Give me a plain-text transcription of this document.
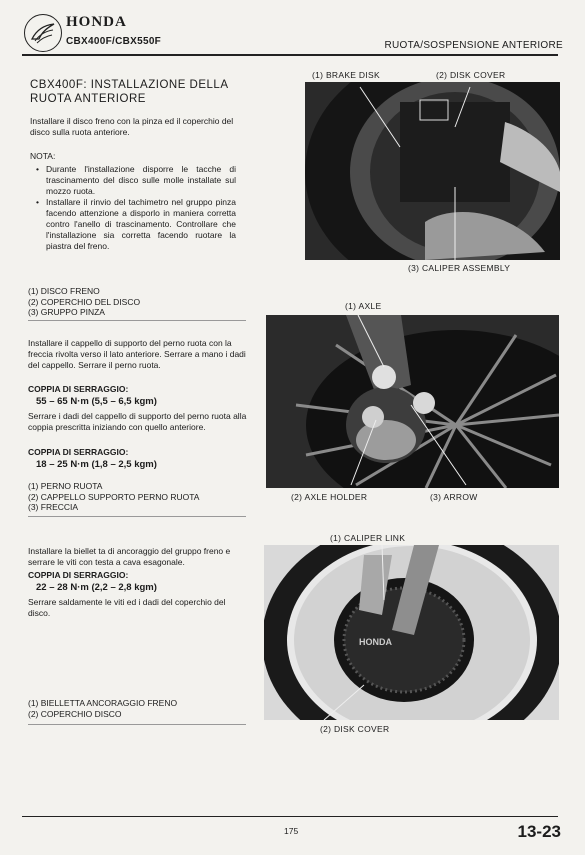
HONDA
CBX400F/CBX550F	RUOTA/SOSPENSIONE ANTERIORE
CBX400F: INSTALLAZIONE DELLA RUOTA ANTERIORE
Installare il disco freno con la pinza ed il coperchio del disco sulla ruota anteriore.
NOTA:
• Durante l'installazione disporre le tacche di trascinamento del disco sulle molle installate sul mozzo ruota.
• Installare il rinvio del tachimetro nel gruppo pinza facendo attenzione a disporlo in maniera corretta contro l'anello di trascinamento. Controllare che l'installazione sia corretta facendo ruotare la piastra del freno.
(1) DISCO FRENO
(2) COPERCHIO DEL DISCO
(3) GRUPPO PINZA
Installare il cappello di supporto del perno ruota con la freccia rivolta verso il lato anteriore. Serrare a mano i dadi del cappello. Serrare il perno ruota.
COPPIA DI SERRAGGIO:
55 – 65 N·m (5,5 – 6,5 kgm)
Serrare i dadi del cappello di supporto del perno ruota alla coppia prescritta iniziando con quello anteriore.
COPPIA DI SERRAGGIO:
18 – 25 N·m (1,8 – 2,5 kgm)
(1) PERNO RUOTA
(2) CAPPELLO SUPPORTO PERNO RUOTA
(3) FRECCIA
Installare la biellet ta di ancoraggio del gruppo freno e serrare le viti con testa a cava esagonale.
COPPIA DI SERRAGGIO:
22 – 28 N·m (2,2 – 2,8 kgm)
Serrare saldamente le viti ed i dadi del coperchio del disco.
(1) BIELLETTA ANCORAGGIO FRENO
(2) COPERCHIO DISCO
(1) BRAKE DISK	(2) DISK COVER
(3) CALIPER ASSEMBLY
(1) AXLE
(2) AXLE HOLDER	(3) ARROW
(1) CALIPER LINK
HONDA
(2) DISK COVER
175	13-23
